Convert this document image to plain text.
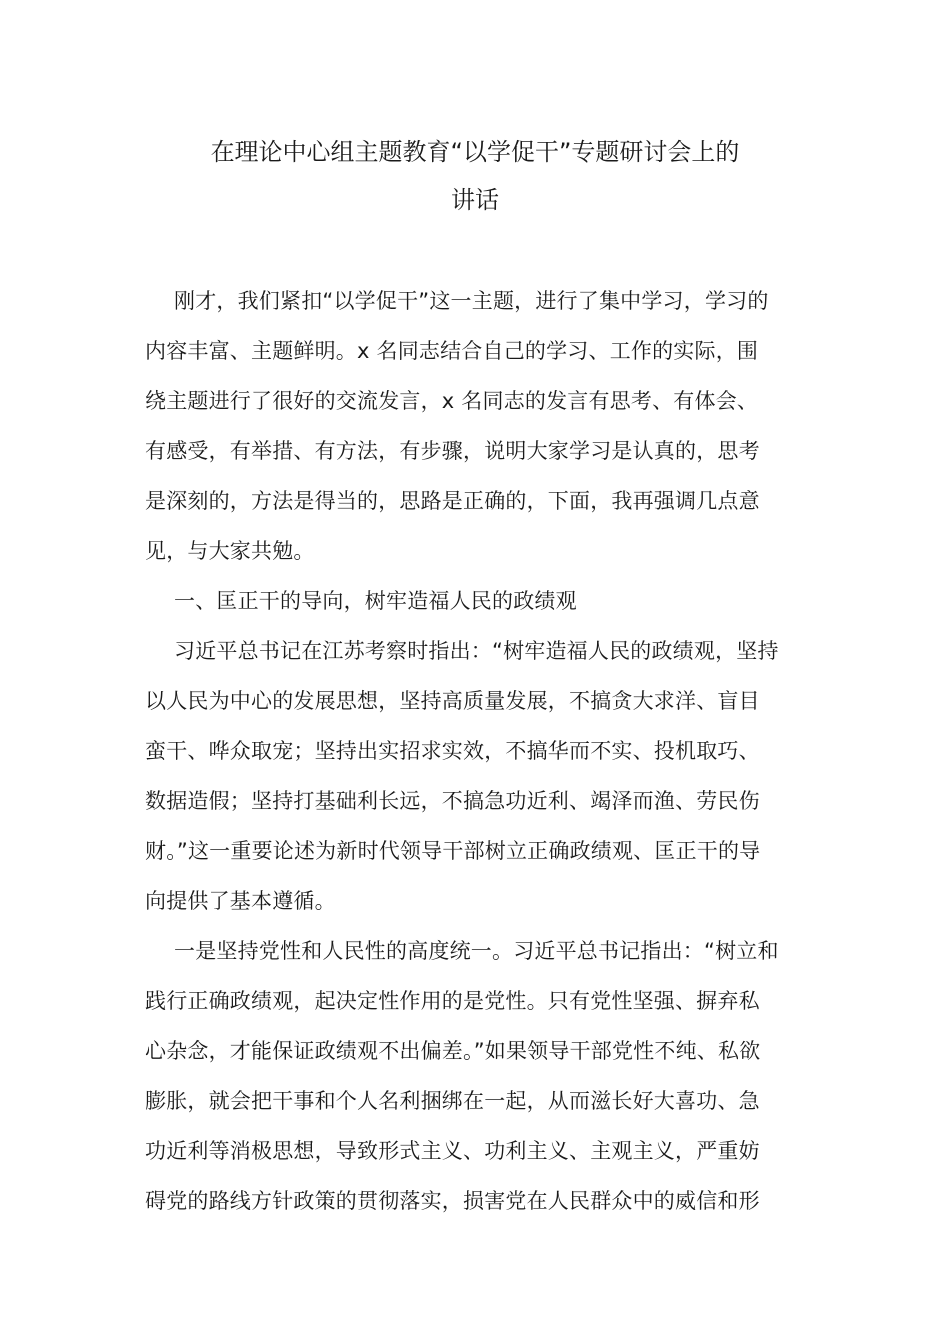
在理论中心组主题教育“以学促干”专题研讨会上的
讲话
刚才，我们紧扣“以学促干”这一主题，进行了集中学习，学习的
内容丰富、主题鲜明。x 名同志结合自己的学习、工作的实际，围
绕主题进行了很好的交流发言，x 名同志的发言有思考、有体会、
有感受，有举措、有方法，有步骤，说明大家学习是认真的，思考
是深刻的，方法是得当的，思路是正确的，下面，我再强调几点意
见，与大家共勉。
一、匡正干的导向，树牢造福人民的政绩观
习近平总书记在江苏考察时指出：“树牢造福人民的政绩观，坚持
以人民为中心的发展思想，坚持高质量发展，不搞贪大求洋、盲目
蛮干、哗众取宠；坚持出实招求实效，不搞华而不实、投机取巧、
数据造假；坚持打基础利长远，不搞急功近利、竭泽而渔、劳民伤
财。”这一重要论述为新时代领导干部树立正确政绩观、匡正干的导
向提供了基本遵循。
一是坚持党性和人民性的高度统一。习近平总书记指出：“树立和
践行正确政绩观，起决定性作用的是党性。只有党性坚强、摒弃私
心杂念，才能保证政绩观不出偏差。”如果领导干部党性不纯、私欲
膨胀，就会把干事和个人名利捆绑在一起，从而滋长好大喜功、急
功近利等消极思想，导致形式主义、功利主义、主观主义，严重妨
碍党的路线方针政策的贯彻落实，损害党在人民群众中的威信和形
